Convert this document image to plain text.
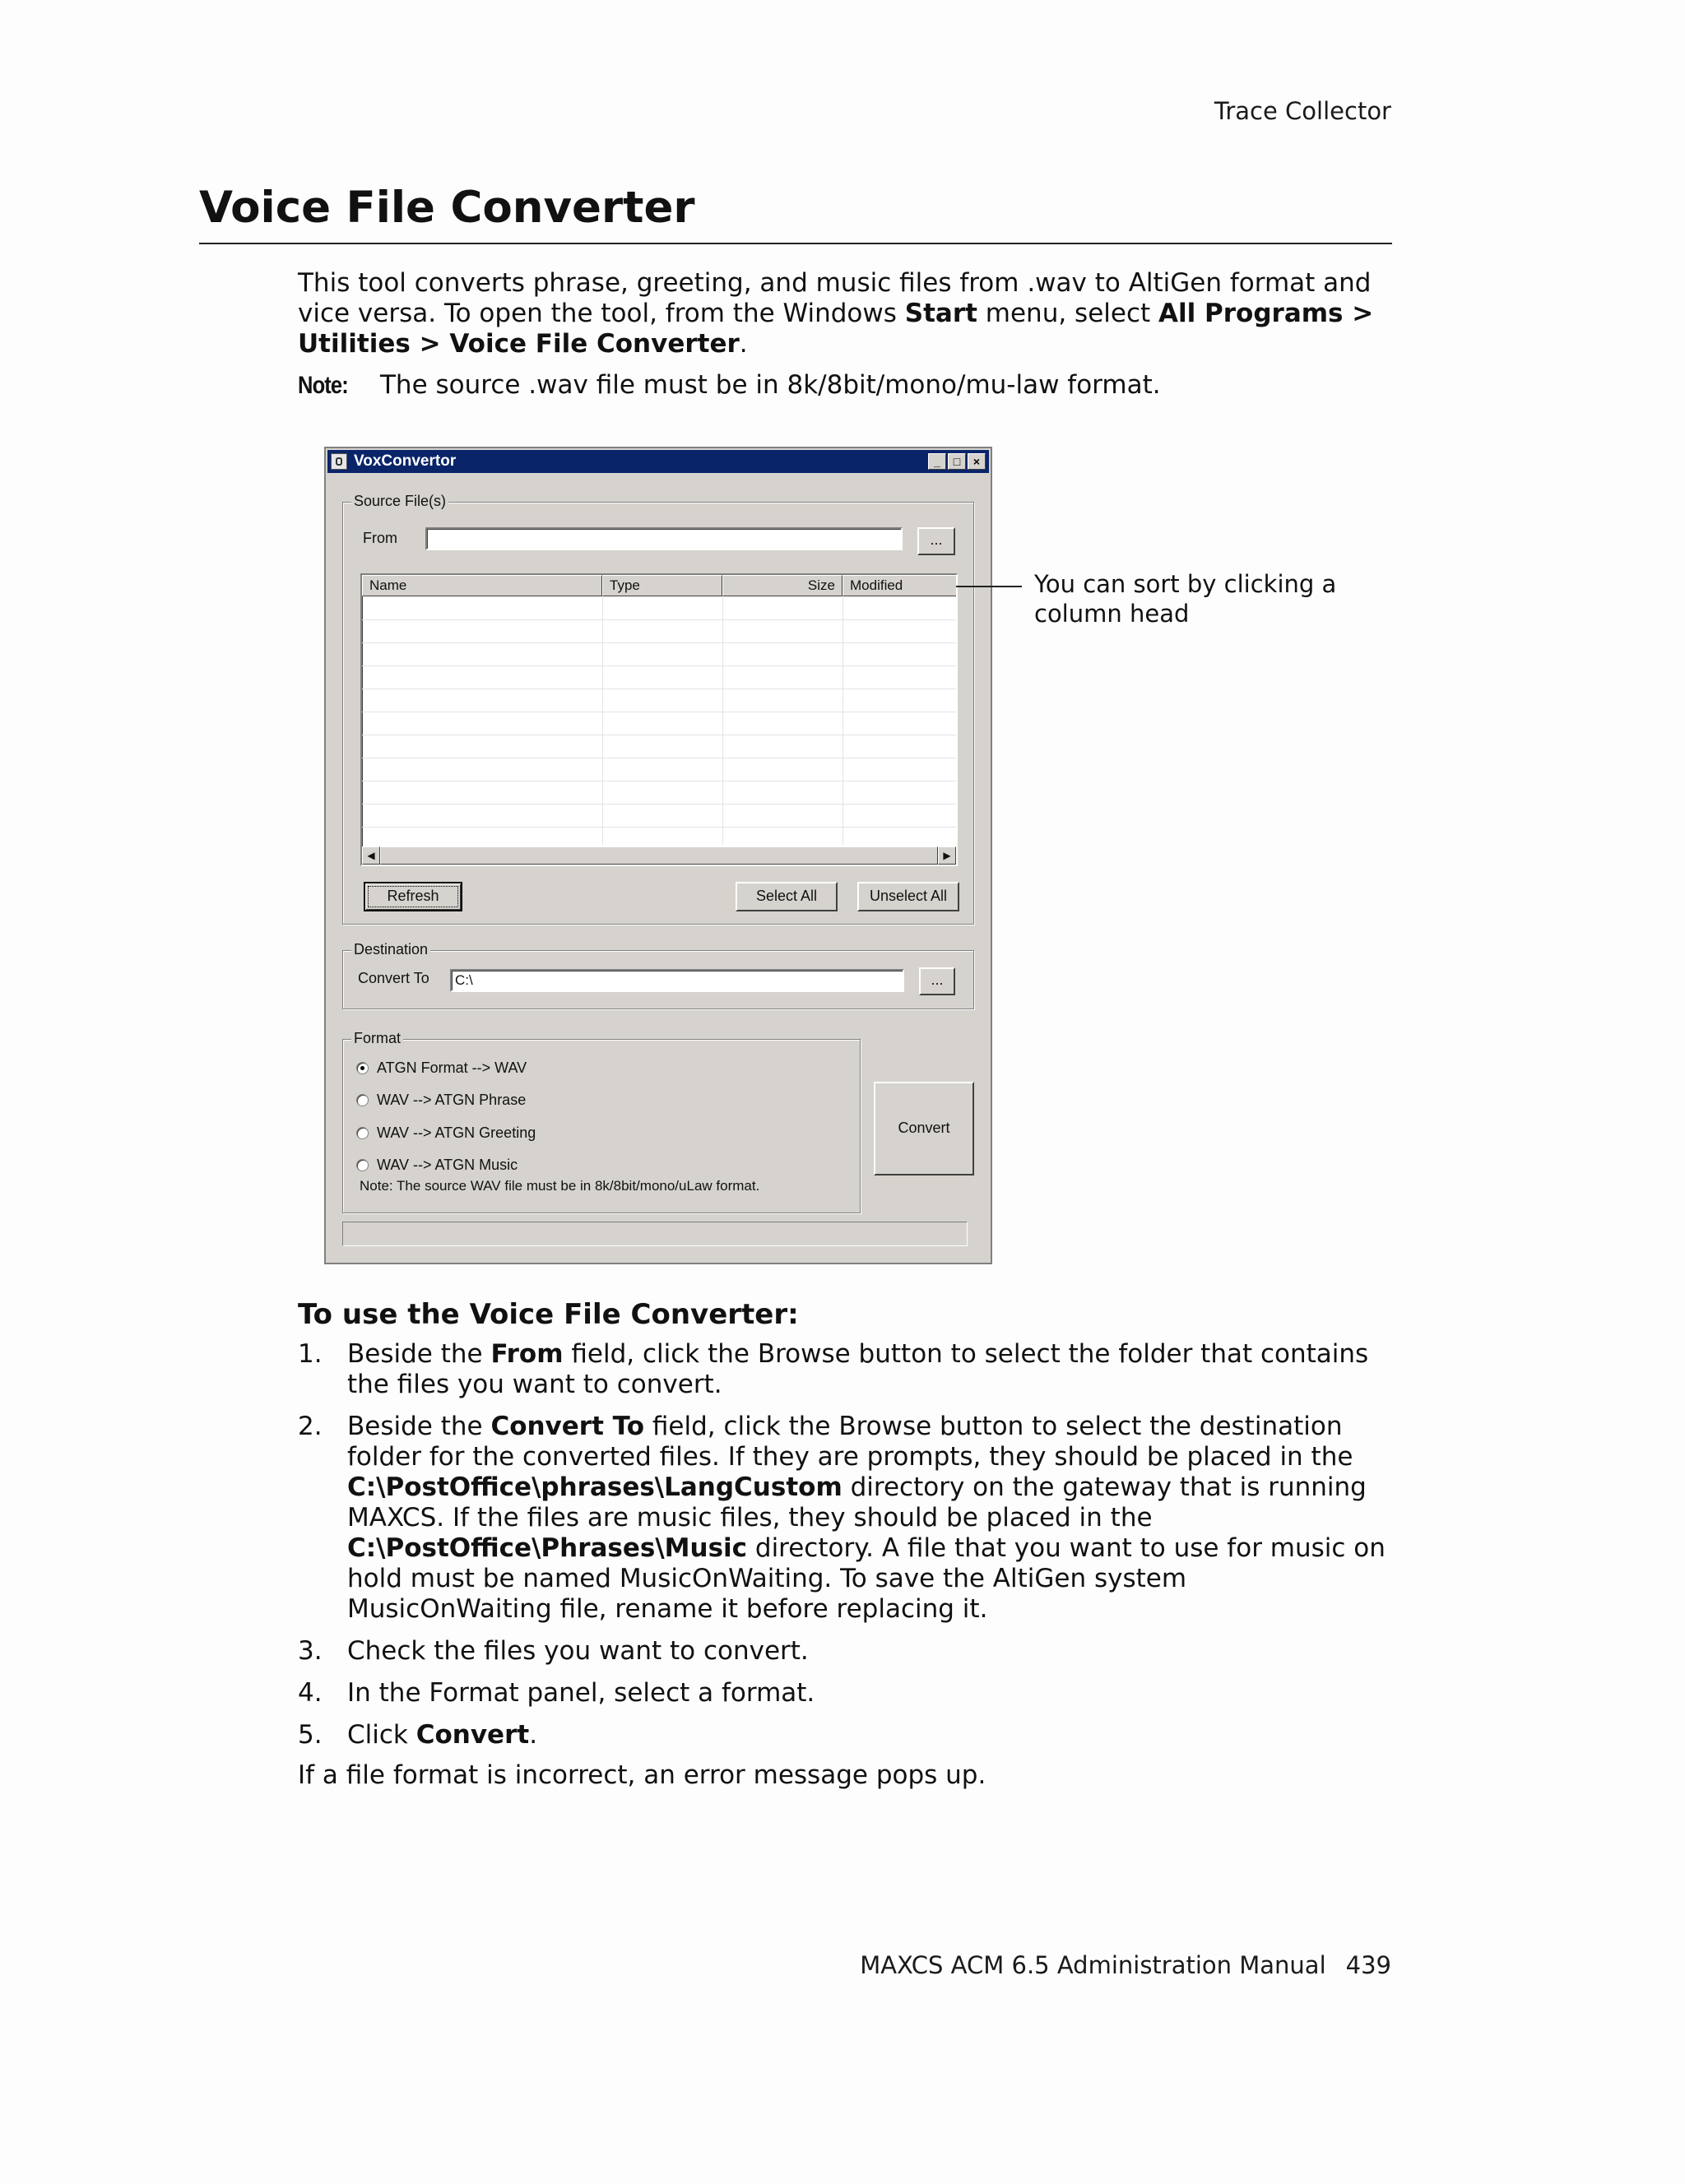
Trace Collector
Voice File Converter
This tool converts phrase, greeting, and music files from .wav to AltiGen format and vice versa. To open the tool, from the Windows Start menu, select All Programs > Utilities > Voice File Converter.
Note: The source .wav file must be in 8k/8bit/mono/mu-law format.
VoxConvertor	_	□	×
Source File(s)
From	...
Name	Type	Size	Modified
◀	▶
Refresh	Select All	Unselect All
Destination
Convert To	C:\	...
Format
ATGN Format --> WAV
WAV --> ATGN Phrase
WAV --> ATGN Greeting
WAV --> ATGN Music
Note: The source WAV file must be in 8k/8bit/mono/uLaw format.
Convert
You can sort by clicking a column head
To use the Voice File Converter:
1. Beside the From field, click the Browse button to select the folder that contains the files you want to convert.
2. Beside the Convert To field, click the Browse button to select the destination folder for the converted files. If they are prompts, they should be placed in the C:\PostOffice\phrases\LangCustom directory on the gateway that is running MAXCS. If the files are music files, they should be placed in the C:\PostOffice\Phrases\Music directory. A file that you want to use for music on hold must be named MusicOnWaiting. To save the AltiGen system MusicOnWaiting file, rename it before replacing it.
3. Check the files you want to convert.
4. In the Format panel, select a format.
5. Click Convert.
If a file format is incorrect, an error message pops up.
MAXCS ACM 6.5 Administration Manual 439
